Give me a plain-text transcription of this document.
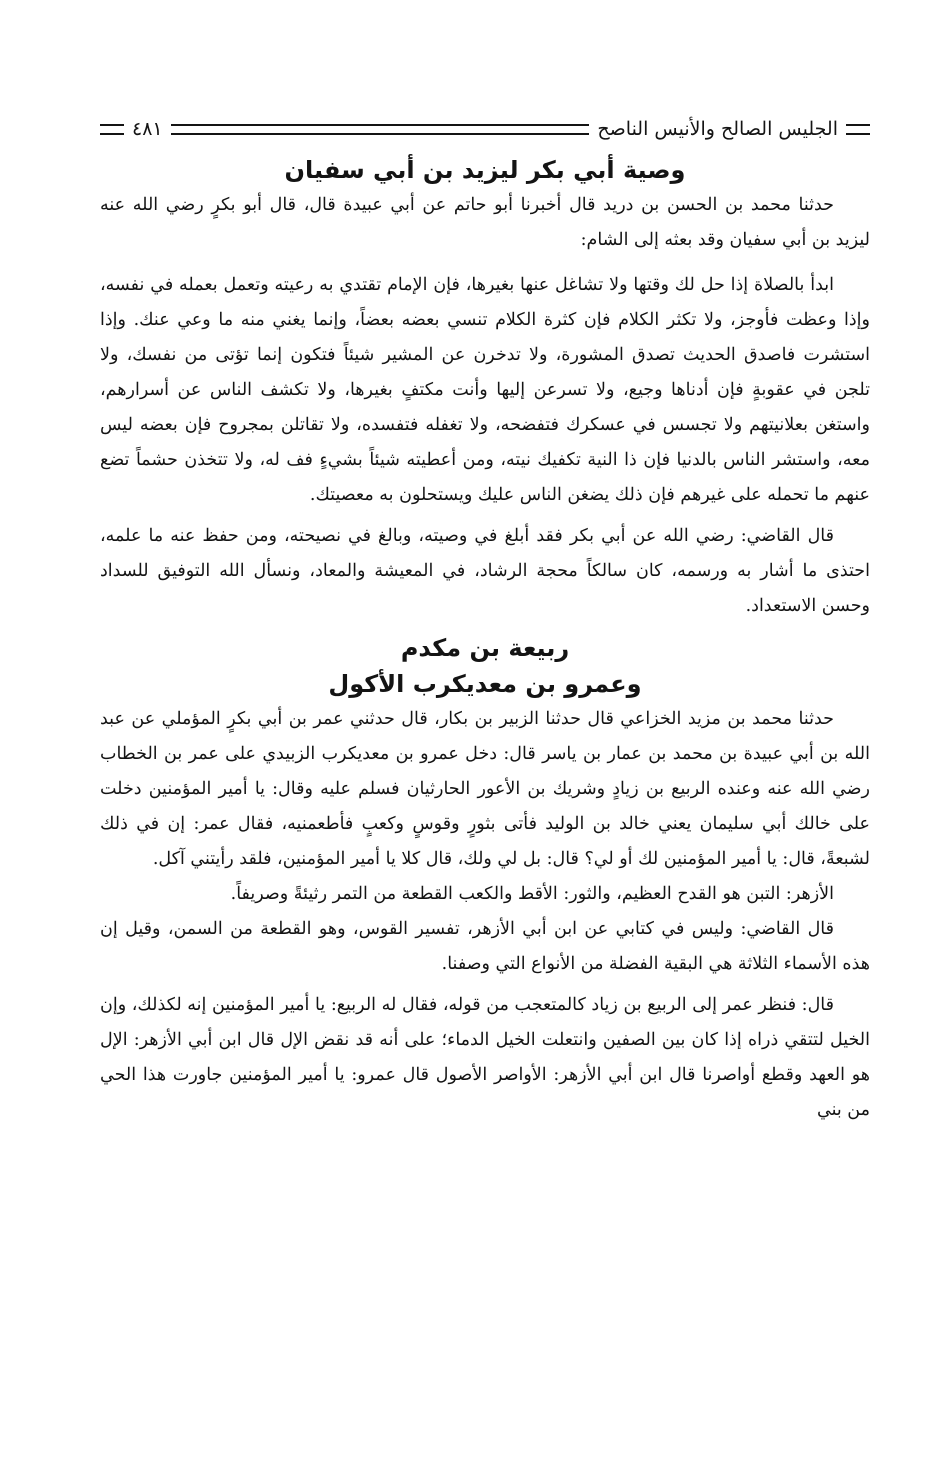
الجليس الصالح والأنيس الناصح
٤٨١
وصية أبي بكر ليزيد بن أبي سفيان

حدثنا محمد بن الحسن بن دريد قال أخبرنا أبو حاتم عن أبي عبيدة قال، قال أبو بكرٍ رضي الله عنه ليزيد بن أبي سفيان وقد بعثه إلى الشام:

ابدأ بالصلاة إذا حل لك وقتها ولا تشاغل عنها بغيرها، فإن الإمام تقتدي به رعيته وتعمل بعمله في نفسه، وإذا وعظت فأوجز، ولا تكثر الكلام فإن كثرة الكلام تنسي بعضه بعضاً، وإنما يغني منه ما وعي عنك. وإذا استشرت فاصدق الحديث تصدق المشورة، ولا تدخرن عن المشير شيئاً فتكون إنما تؤتى من نفسك، ولا تلجن في عقوبةٍ فإن أدناها وجيع، ولا تسرعن إليها وأنت مكتفٍ بغيرها، ولا تكشف الناس عن أسرارهم، واستغن بعلانيتهم ولا تجسس في عسكرك فتفضحه، ولا تغفله فتفسده، ولا تقاتلن بمجروح فإن بعضه ليس معه، واستشر الناس بالدنيا فإن ذا النية تكفيك نيته، ومن أعطيته شيئاً بشيءٍ فف له، ولا تتخذن حشماً تضع عنهم ما تحمله على غيرهم فإن ذلك يضغن الناس عليك ويستحلون به معصيتك.

قال القاضي: رضي الله عن أبي بكر فقد أبلغ في وصيته، وبالغ في نصيحته، ومن حفظ عنه ما علمه، احتذى ما أشار به ورسمه، كان سالكاً محجة الرشاد، في المعيشة والمعاد، ونسأل الله التوفيق للسداد وحسن الاستعداد.

ربيعة بن مكدم
وعمرو بن معديكرب الأكول

حدثنا محمد بن مزيد الخزاعي قال حدثنا الزبير بن بكار، قال حدثني عمر بن أبي بكرٍ المؤملي عن عبد الله بن أبي عبيدة بن محمد بن عمار بن ياسر قال: دخل عمرو بن معديكرب الزبيدي على عمر بن الخطاب رضي الله عنه وعنده الربيع بن زيادٍ وشريك بن الأعور الحارثيان فسلم عليه وقال: يا أمير المؤمنين دخلت على خالك أبي سليمان يعني خالد بن الوليد فأتى بثورٍ وقوسٍ وكعبٍ فأطعمنيه، فقال عمر: إن في ذلك لشبعةً، قال: يا أمير المؤمنين لك أو لي؟ قال: بل لي ولك، قال كلا يا أمير المؤمنين، فلقد رأيتني آكل.

الأزهر: التبن هو القدح العظيم، والثور: الأقط والكعب القطعة من التمر رثيئةً وصريفاً.

قال القاضي: وليس في كتابي عن ابن أبي الأزهر، تفسير القوس، وهو القطعة من السمن، وقيل إن هذه الأسماء الثلاثة هي البقية الفضلة من الأنواع التي وصفنا.

قال: فنظر عمر إلى الربيع بن زياد كالمتعجب من قوله، فقال له الربيع: يا أمير المؤمنين إنه لكذلك، وإن الخيل لتتقي ذراه إذا كان بين الصفين وانتعلت الخيل الدماء؛ على أنه قد نقض الإل قال ابن أبي الأزهر: الإل هو العهد وقطع أواصرنا قال ابن أبي الأزهر: الأواصر الأصول قال عمرو: يا أمير المؤمنين جاورت هذا الحي من بني
